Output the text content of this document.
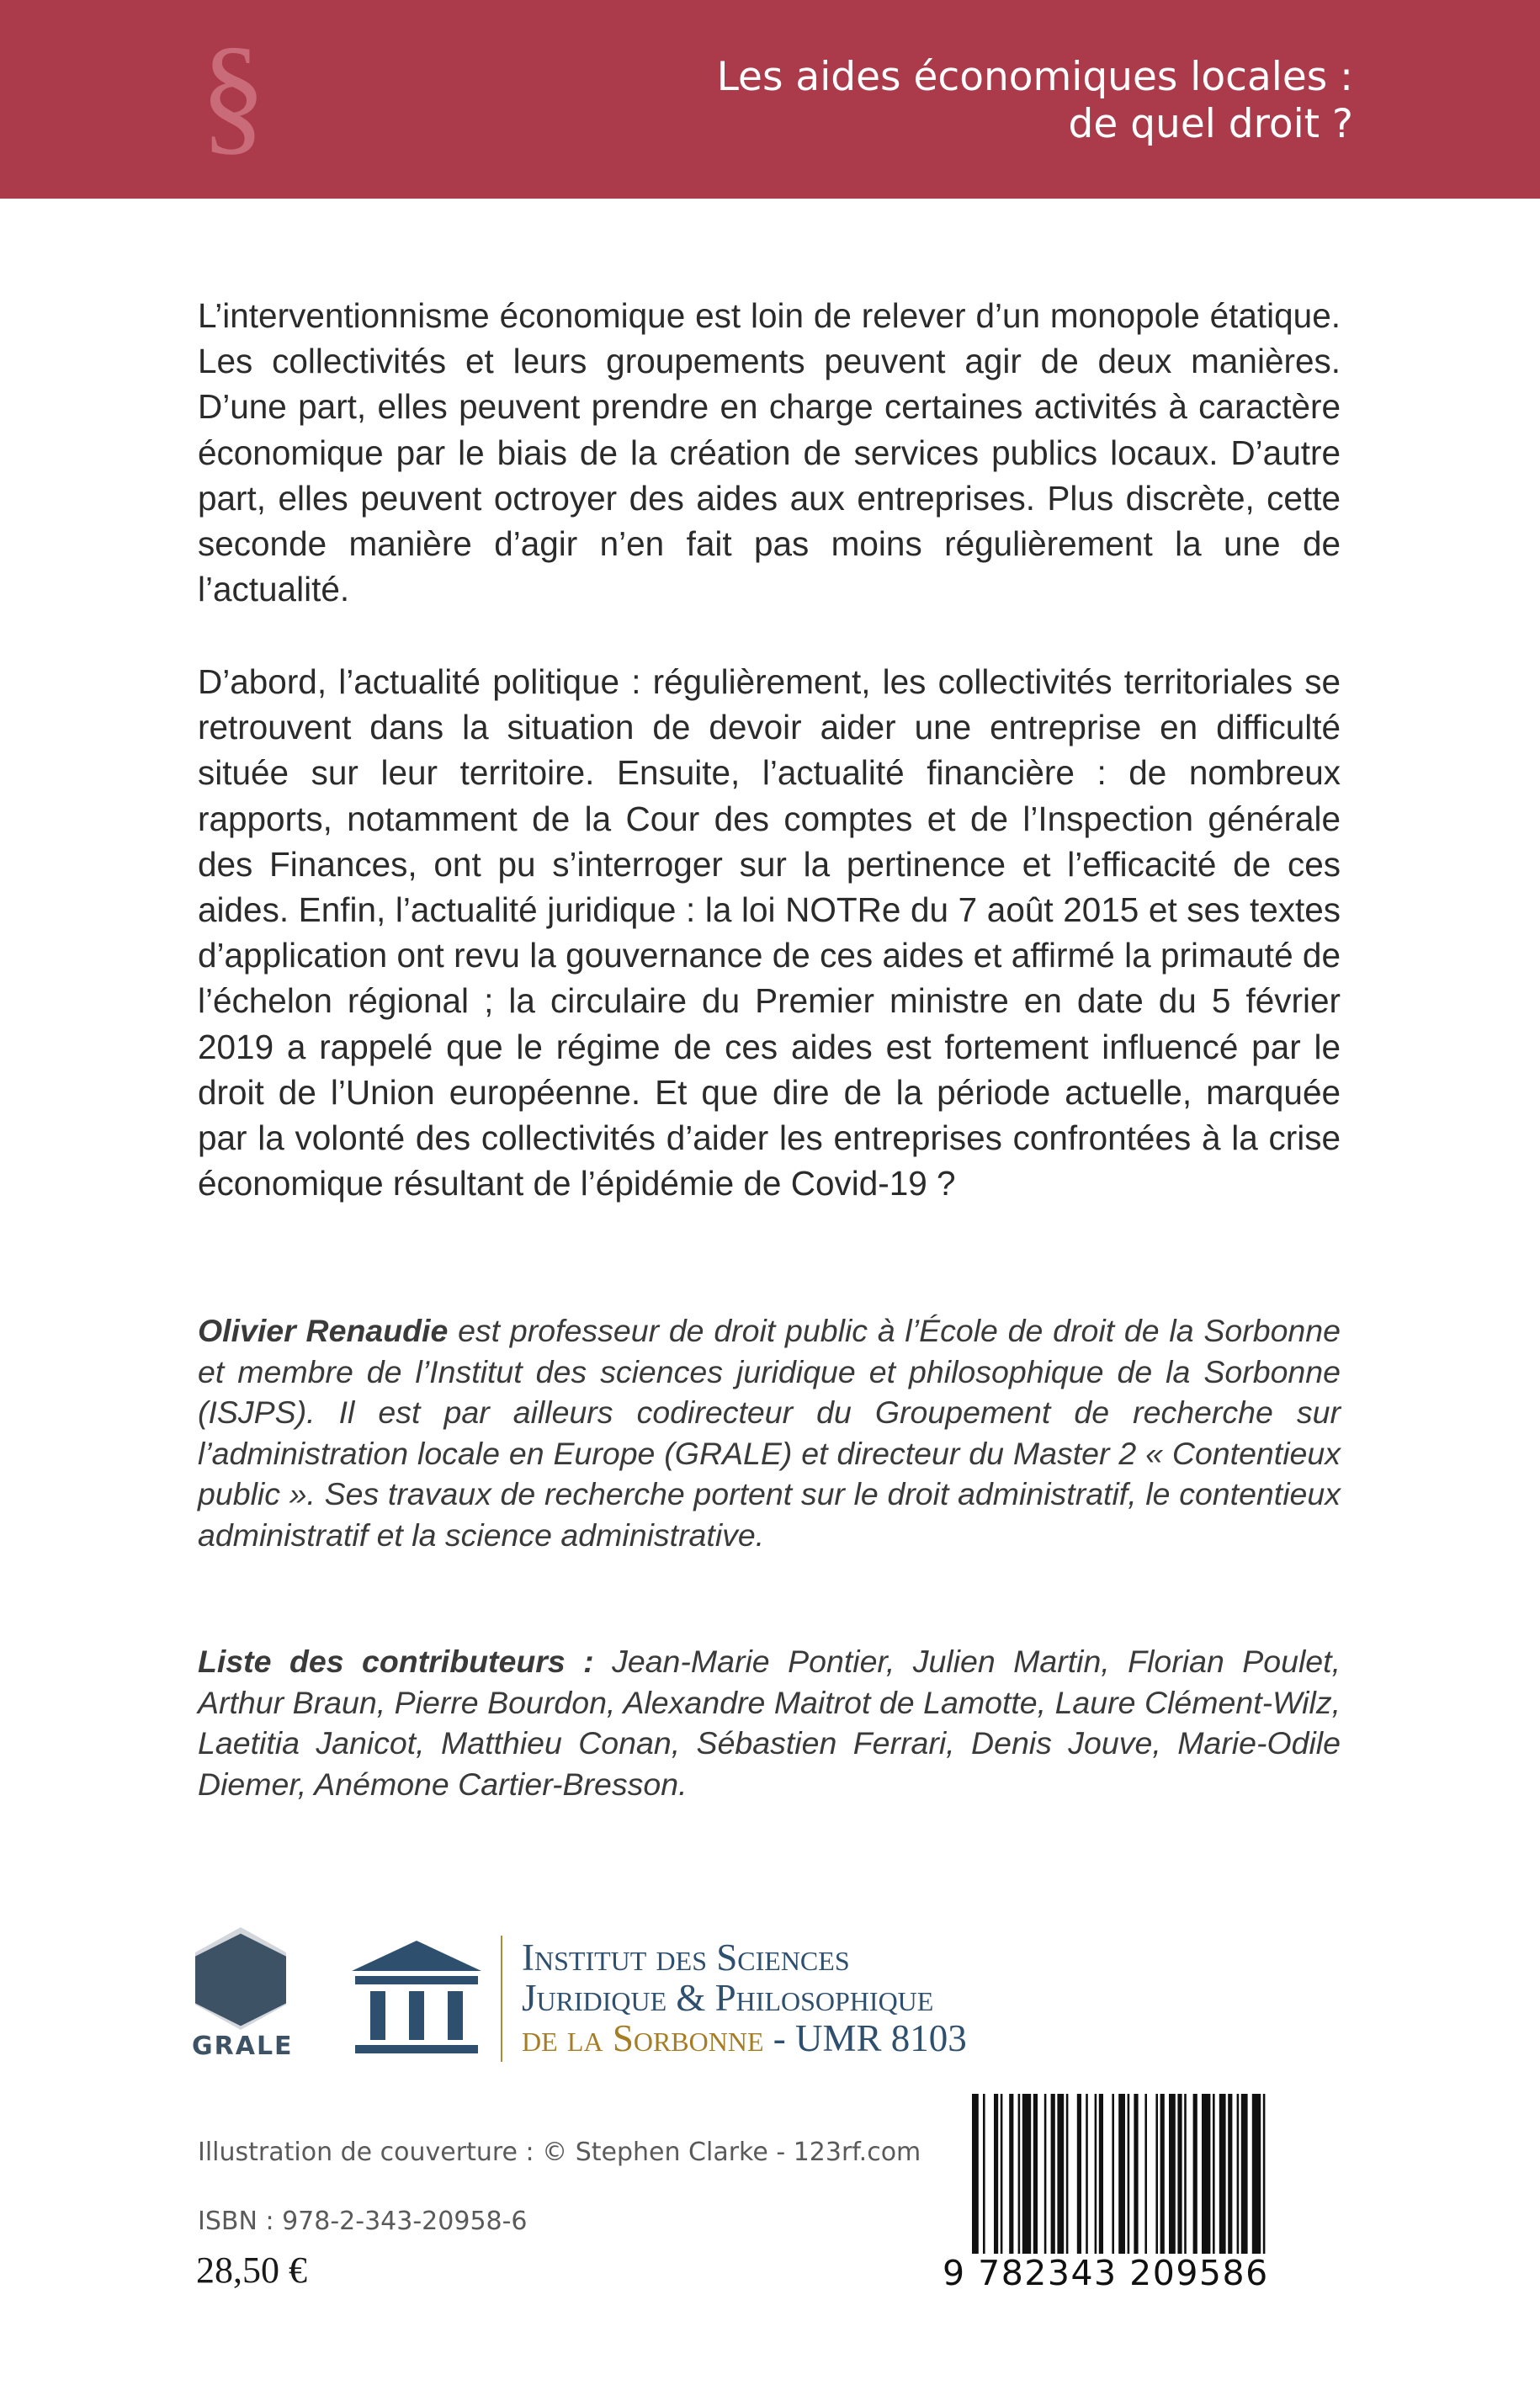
§	Les aides économiques locales :
de quel droit ?

L’interventionnisme économique est loin de relever d’un monopole étatique. Les collectivités et leurs groupements peuvent agir de deux manières. D’une part, elles peuvent prendre en charge certaines activités à caractère économique par le biais de la création de services publics locaux. D’autre part, elles peuvent octroyer des aides aux entreprises. Plus discrète, cette seconde manière d’agir n’en fait pas moins régulièrement la une de l’actualité.

D’abord, l’actualité politique : régulièrement, les collectivités territoriales se retrouvent dans la situation de devoir aider une entreprise en difficulté située sur leur territoire. Ensuite, l’actualité financière : de nombreux rapports, notamment de la Cour des comptes et de l’Inspection générale des Finances, ont pu s’interroger sur la pertinence et l’efficacité de ces aides. Enfin, l’actualité juridique : la loi NOTRe du 7 août 2015 et ses textes d’application ont revu la gouvernance de ces aides et affirmé la primauté de l’échelon régional ; la circulaire du Premier ministre en date du 5 février 2019 a rappelé que le régime de ces aides est fortement influencé par le droit de l’Union européenne. Et que dire de la période actuelle, marquée par la volonté des collectivités d’aider les entreprises confrontées à la crise économique résultant de l’épidémie de Covid-19 ?

Olivier Renaudie est professeur de droit public à l’École de droit de la Sorbonne et membre de l’Institut des sciences juridique et philosophique de la Sorbonne (ISJPS). Il est par ailleurs codirecteur du Groupement de recherche sur l’administration locale en Europe (GRALE) et directeur du Master 2 « Contentieux public ». Ses travaux de recherche portent sur le droit administratif, le contentieux administratif et la science administrative.

Liste des contributeurs : Jean-Marie Pontier, Julien Martin, Florian Poulet, Arthur Braun, Pierre Bourdon, Alexandre Maitrot de Lamotte, Laure Clément-Wilz, Laetitia Janicot, Matthieu Conan, Sébastien Ferrari, Denis Jouve, Marie-Odile Diemer, Anémone Cartier-Bresson.

GRALE
Institut des Sciences
Juridique & Philosophique
de la Sorbonne - UMR 8103
Illustration de couverture : © Stephen Clarke - 123rf.com
ISBN : 978-2-343-20958-6
28,50 €	9 782343 209586
